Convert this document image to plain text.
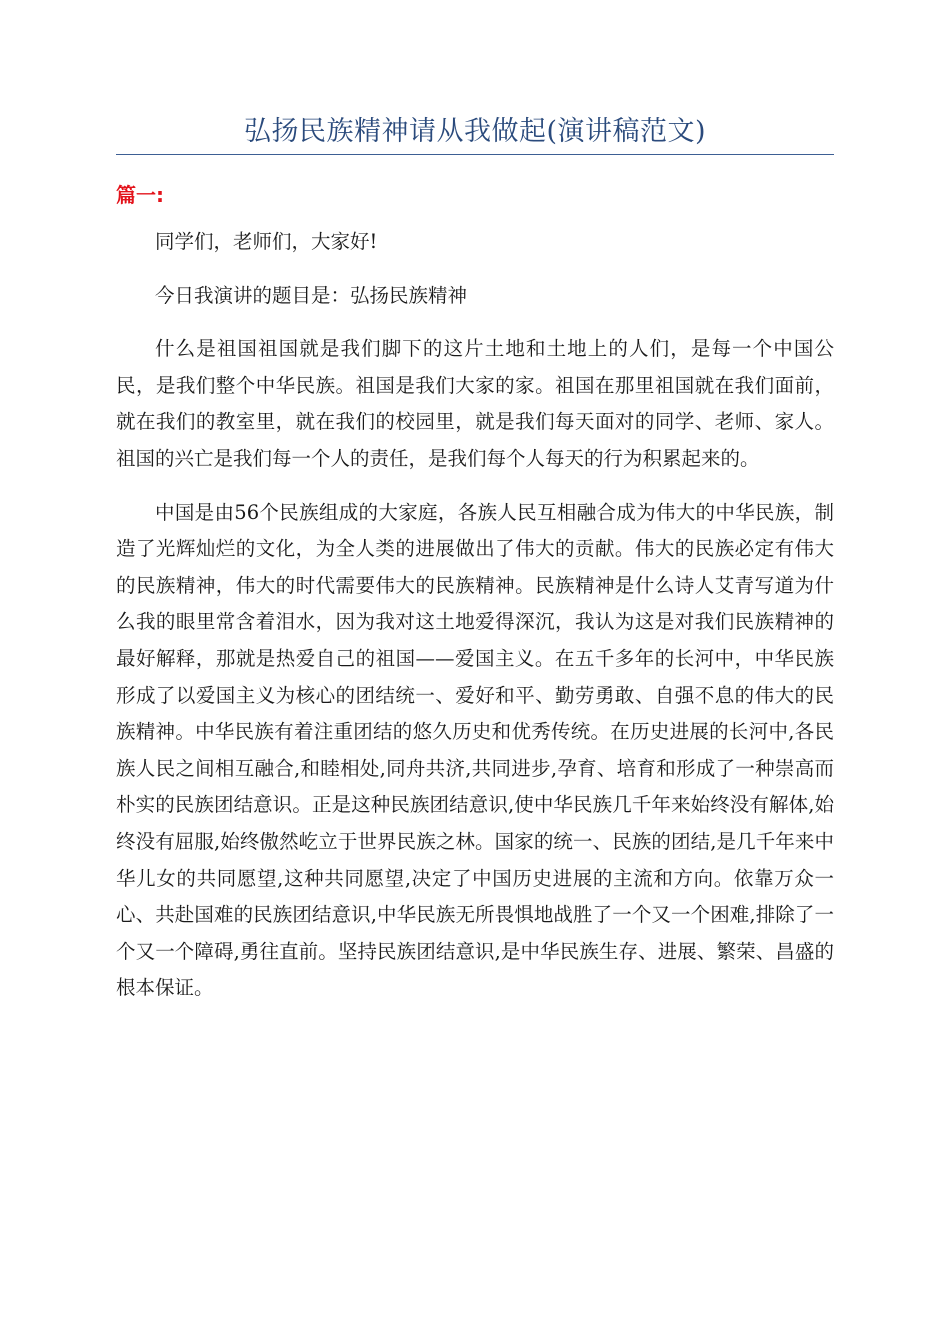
弘扬民族精神请从我做起(演讲稿范文)
篇一:

同学们，老师们，大家好!

今日我演讲的题目是：弘扬民族精神

什么是祖国祖国就是我们脚下的这片土地和土地上的人们，是每一个中国公民，是我们整个中华民族。祖国是我们大家的家。祖国在那里祖国就在我们面前，就在我们的教室里，就在我们的校园里，就是我们每天面对的同学、老师、家人。祖国的兴亡是我们每一个人的责任，是我们每个人每天的行为积累起来的。

中国是由56个民族组成的大家庭，各族人民互相融合成为伟大的中华民族，制造了光辉灿烂的文化，为全人类的进展做出了伟大的贡献。伟大的民族必定有伟大的民族精神，伟大的时代需要伟大的民族精神。民族精神是什么诗人艾青写道为什么我的眼里常含着泪水，因为我对这土地爱得深沉，我认为这是对我们民族精神的最好解释，那就是热爱自己的祖国——爱国主义。在五千多年的长河中，中华民族形成了以爱国主义为核心的团结统一、爱好和平、勤劳勇敢、自强不息的伟大的民族精神。中华民族有着注重团结的悠久历史和优秀传统。在历史进展的长河中,各民族人民之间相互融合,和睦相处,同舟共济,共同进步,孕育、培育和形成了一种崇高而朴实的民族团结意识。正是这种民族团结意识,使中华民族几千年来始终没有解体,始终没有屈服,始终傲然屹立于世界民族之林。国家的统一、民族的团结,是几千年来中华儿女的共同愿望,这种共同愿望,决定了中国历史进展的主流和方向。依靠万众一心、共赴国难的民族团结意识,中华民族无所畏惧地战胜了一个又一个困难,排除了一个又一个障碍,勇往直前。坚持民族团结意识,是中华民族生存、进展、繁荣、昌盛的根本保证。
